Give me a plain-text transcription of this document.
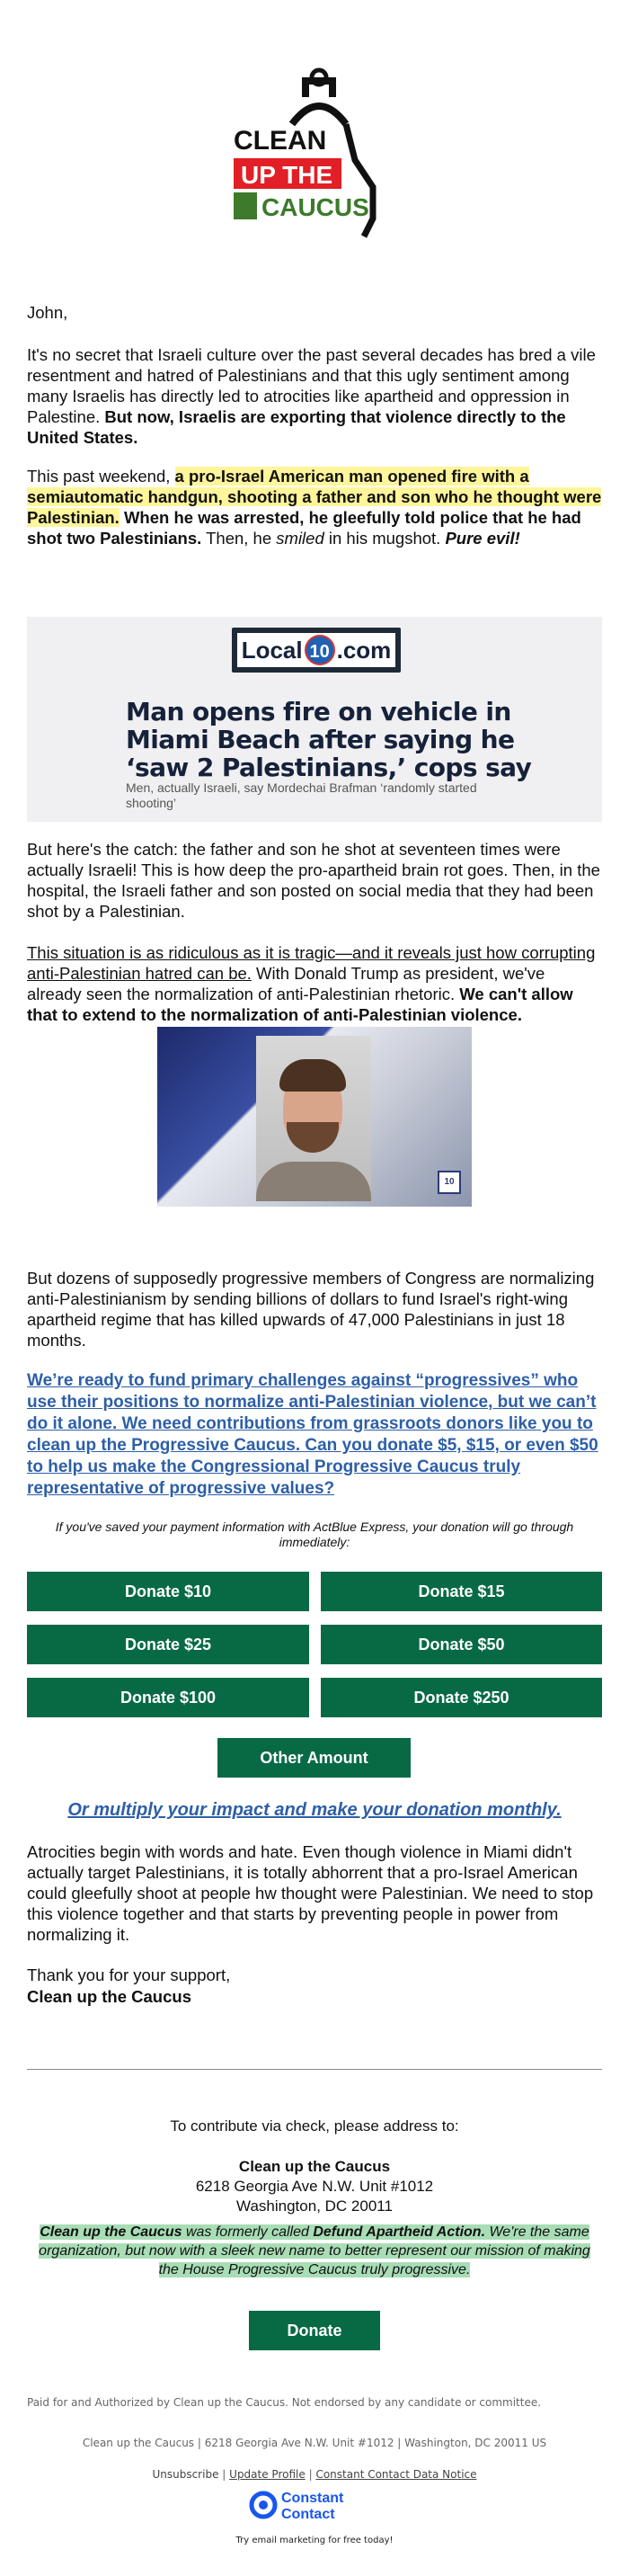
CLEAN
UP THE
CAUCUS

John,

It's no secret that Israeli culture over the past several decades has bred a vile resentment and hatred of Palestinians and that this ugly sentiment among many Israelis has directly led to atrocities like apartheid and oppression in Palestine. But now, Israelis are exporting that violence directly to the United States.

This past weekend, a pro-Israel American man opened fire with a semiautomatic handgun, shooting a father and son who he thought were Palestinian. When he was arrested, he gleefully told police that he had shot two Palestinians. Then, he smiled in his mugshot. Pure evil!

Local 10 .com
Man opens fire on vehicle in Miami Beach after saying he ‘saw 2 Palestinians,’ cops say
Men, actually Israeli, say Mordechai Brafman ‘randomly started shooting’

But here's the catch: the father and son he shot at seventeen times were actually Israeli! This is how deep the pro-apartheid brain rot goes. Then, in the hospital, the Israeli father and son posted on social media that they had been shot by a Palestinian.

This situation is as ridiculous as it is tragic—and it reveals just how corrupting anti-Palestinian hatred can be. With Donald Trump as president, we've already seen the normalization of anti-Palestinian rhetoric. We can't allow that to extend to the normalization of anti-Palestinian violence.

10

But dozens of supposedly progressive members of Congress are normalizing anti-Palestinianism by sending billions of dollars to fund Israel's right-wing apartheid regime that has killed upwards of 47,000 Palestinians in just 18 months.

We’re ready to fund primary challenges against “progressives” who use their positions to normalize anti-Palestinian violence, but we can’t do it alone. We need contributions from grassroots donors like you to clean up the Progressive Caucus. Can you donate $5, $15, or even $50 to help us make the Congressional Progressive Caucus truly representative of progressive values?

If you've saved your payment information with ActBlue Express, your donation will go through immediately:
Donate $10	Donate $15
Donate $25	Donate $50
Donate $100	Donate $250
Other Amount
Or multiply your impact and make your donation monthly.

Atrocities begin with words and hate. Even though violence in Miami didn't actually target Palestinians, it is totally abhorrent that a pro-Israel American could gleefully shoot at people hw thought were Palestinian. We need to stop this violence together and that starts by preventing people in power from normalizing it.

Thank you for your support,

Clean up the Caucus

To contribute via check, please address to:
Clean up the Caucus
6218 Georgia Ave N.W. Unit #1012
Washington, DC 20011
Clean up the Caucus was formerly called Defund Apartheid Action. We're the same organization, but now with a sleek new name to better represent our mission of making the House Progressive Caucus truly progressive.
Donate
Paid for and Authorized by Clean up the Caucus. Not endorsed by any candidate or committee.
Clean up the Caucus | 6218 Georgia Ave N.W. Unit #1012 | Washington, DC 20011 US
Unsubscribe | Update Profile | Constant Contact Data Notice
Constant
Contact
Try email marketing for free today!
